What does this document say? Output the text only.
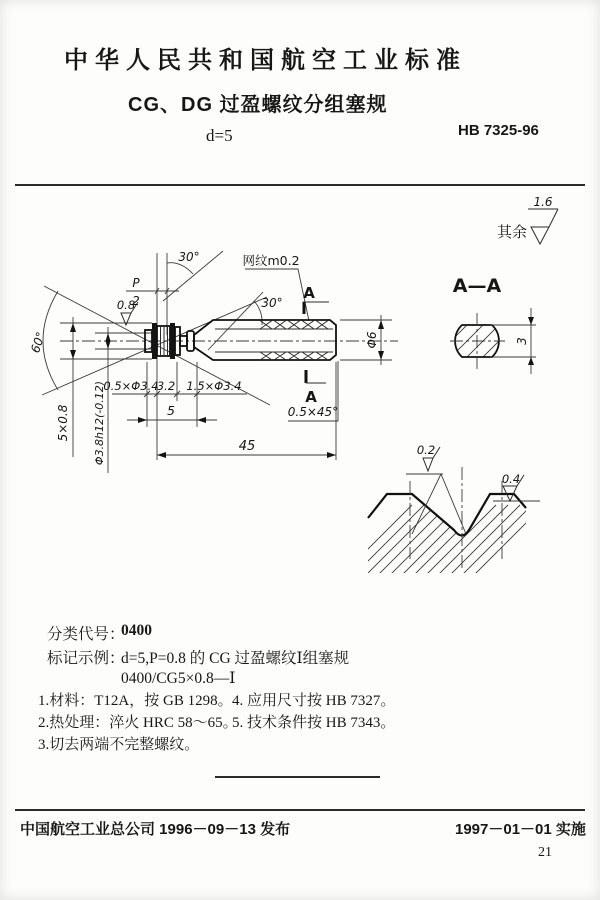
中华人民共和国航空工业标准
CG、DG 过盈螺纹分组塞规
d=5	HB 7325-96
其余
1.6
A—A
A
A
60°
30°
30°
P
2
0.8
网纹m0.2
0.5×Φ3.4
3.2 1.5×Φ3.4
5
45
0.5×45°
Φ6	3
5×0.8 Φ3.8h12(-0.12)	0.2
0.4
分类代号：
0400
标记示例：
d=5,P=0.8 的 CG 过盈螺纹Ⅰ组塞规
0400/CG5×0.8—Ⅰ
1.材料：T12A，按 GB 1298。
2.热处理：淬火 HRC 58～65。
3.切去两端不完整螺纹。
4. 应用尺寸按 HB 7327。
5. 技术条件按 HB 7343。
中国航空工业总公司 1996－09－13 发布	1997－01－01 实施
21
